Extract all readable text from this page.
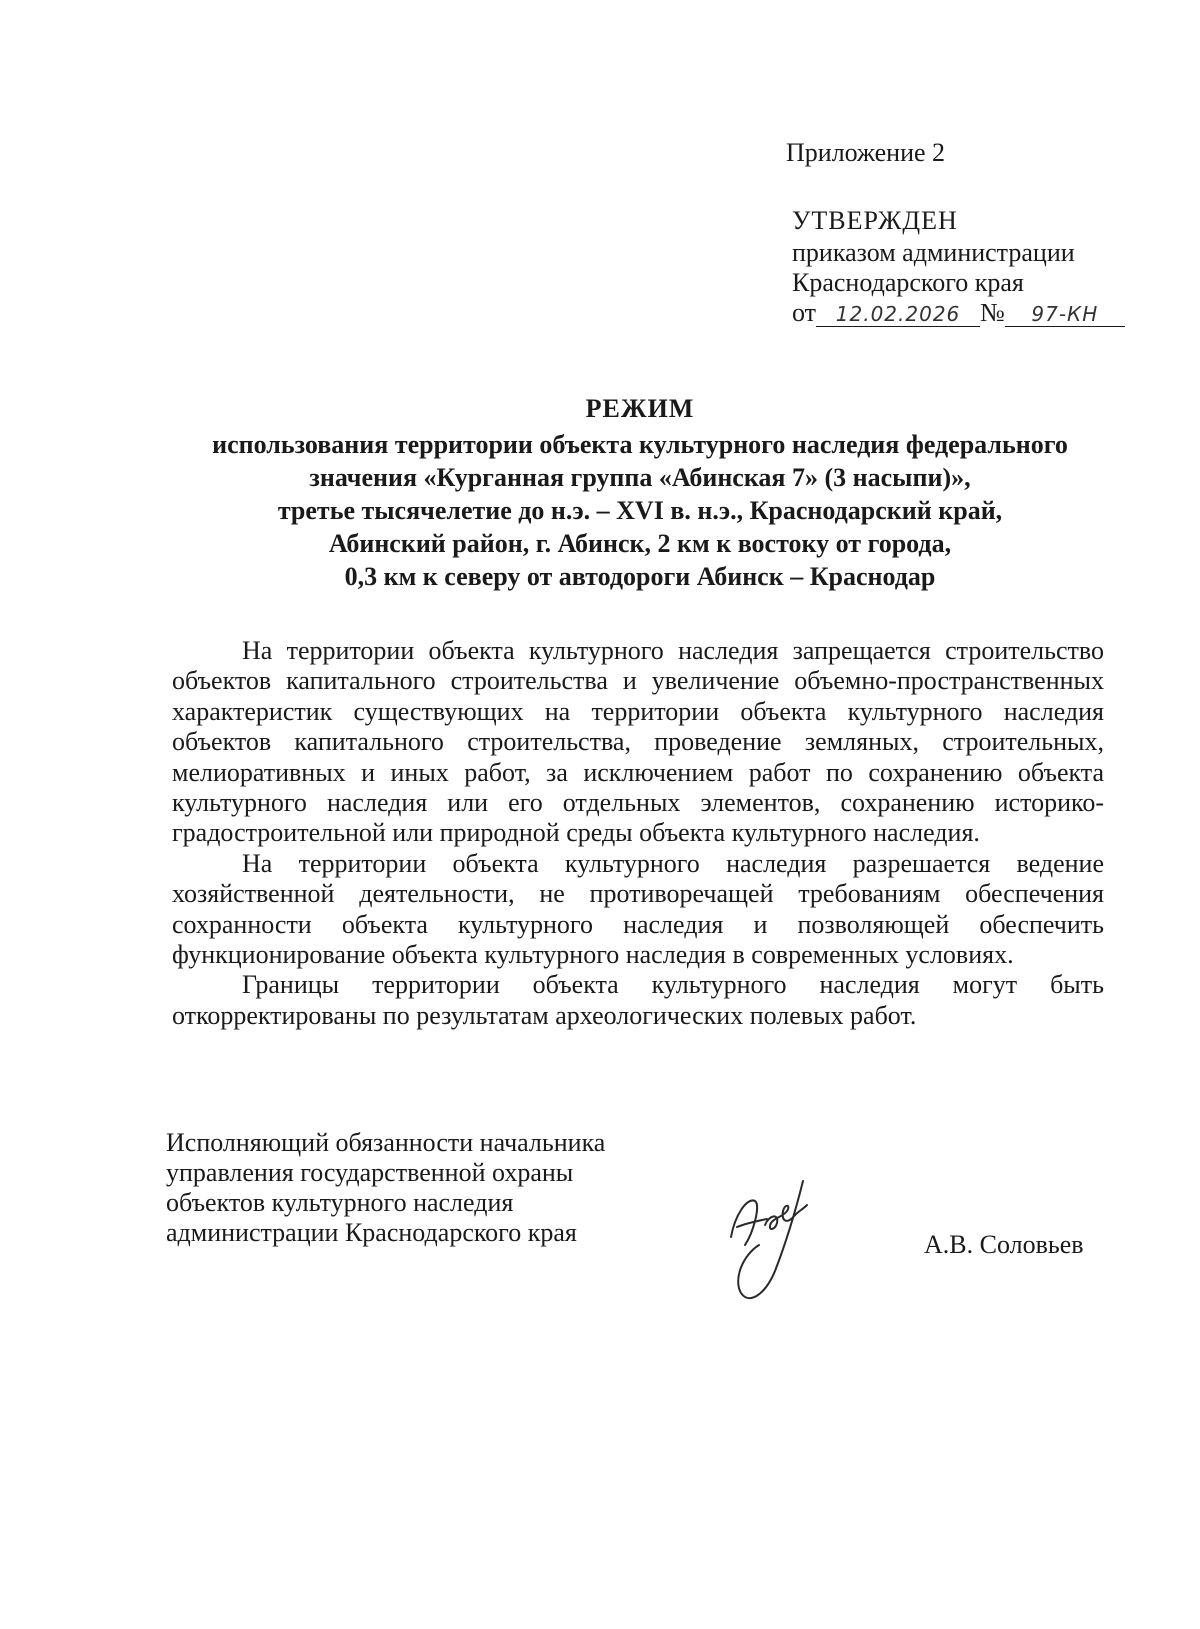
Приложение 2
УТВЕРЖДЕН
приказом администрации
Краснодарского края
от 12.02.2026 № 97-КН
РЕЖИМ
использования территории объекта культурного наследия федерального
значения «Курганная группа «Абинская 7» (3 насыпи)»,
третье тысячелетие до н.э. – XVI в. н.э., Краснодарский край,
Абинский район, г. Абинск, 2 км к востоку от города,
0,3 км к северу от автодороги Абинск – Краснодар

На территории объекта культурного наследия запрещается строительство объектов капитального строительства и увеличение объемно-пространственных характеристик существующих на территории объекта культурного наследия объектов капитального строительства, проведение земляных, строительных, мелиоративных и иных работ, за исключением работ по сохранению объекта культурного наследия или его отдельных элементов, сохранению историко-градостроительной или природной среды объекта культурного наследия.

На территории объекта культурного наследия разрешается ведение хозяйственной деятельности, не противоречащей требованиям обеспечения сохранности объекта культурного наследия и позволяющей обеспечить функционирование объекта культурного наследия в современных условиях.

Границы территории объекта культурного наследия могут быть откорректированы по результатам археологических полевых работ.

Исполняющий обязанности начальника
управления государственной охраны
объектов культурного наследия
администрации Краснодарского края	А.В. Соловьев
